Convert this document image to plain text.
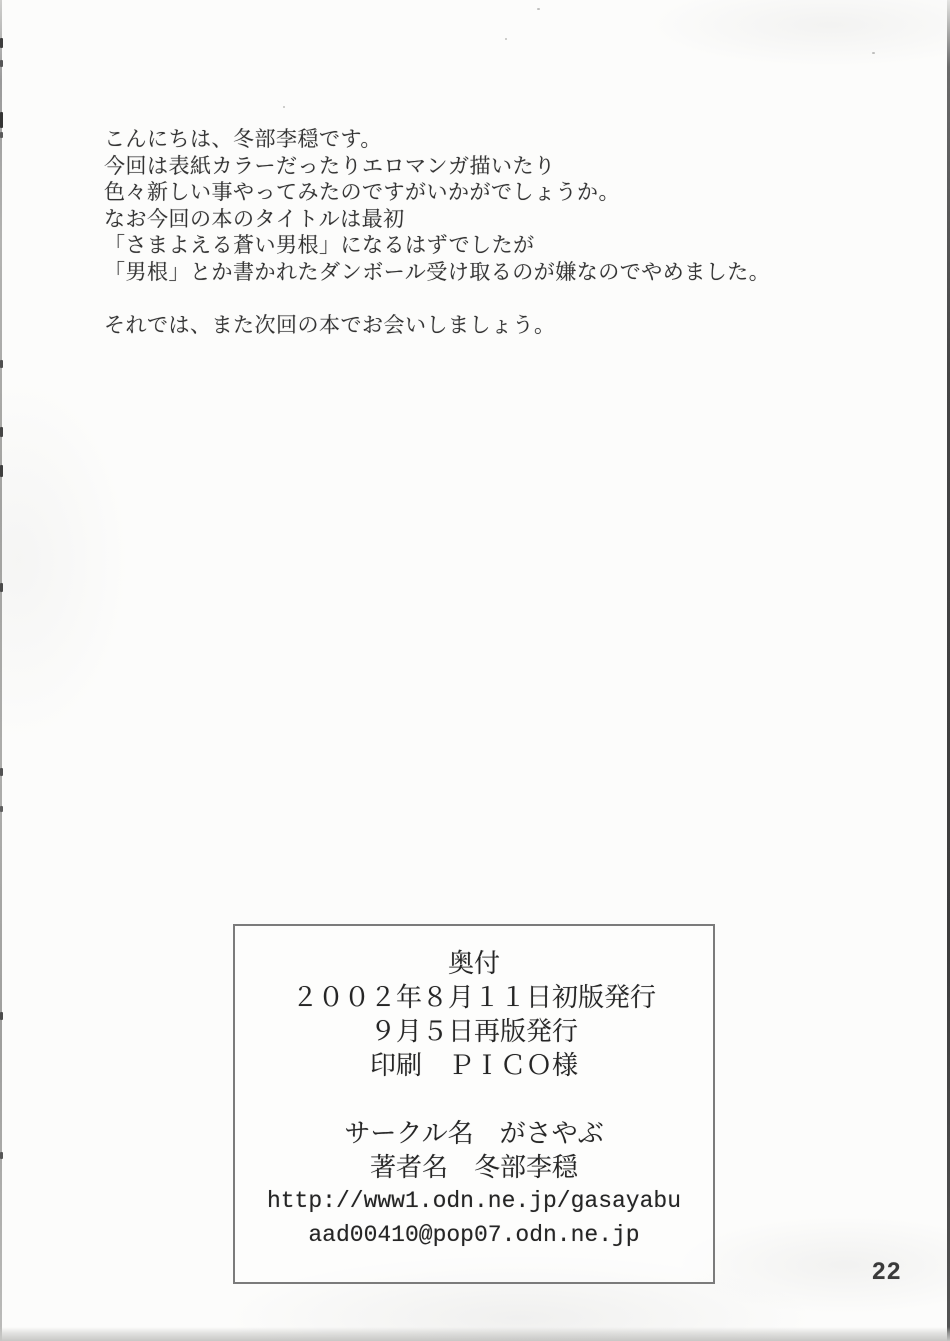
こんにちは、冬部李穏です。
今回は表紙カラーだったりエロマンガ描いたり
色々新しい事やってみたのですがいかがでしょうか。
なお今回の本のタイトルは最初
「さまよえる蒼い男根」になるはずでしたが
「男根」とか書かれたダンボール受け取るのが嫌なのでやめました。
それでは、また次回の本でお会いしましょう。
奥付
２００２年８月１１日初版発行
９月５日再版発行
印刷　ＰＩＣＯ様
サークル名　がさやぶ
著者名　冬部李穏
http://www1.odn.ne.jp/gasayabu
aad00410@pop07.odn.ne.jp
22
